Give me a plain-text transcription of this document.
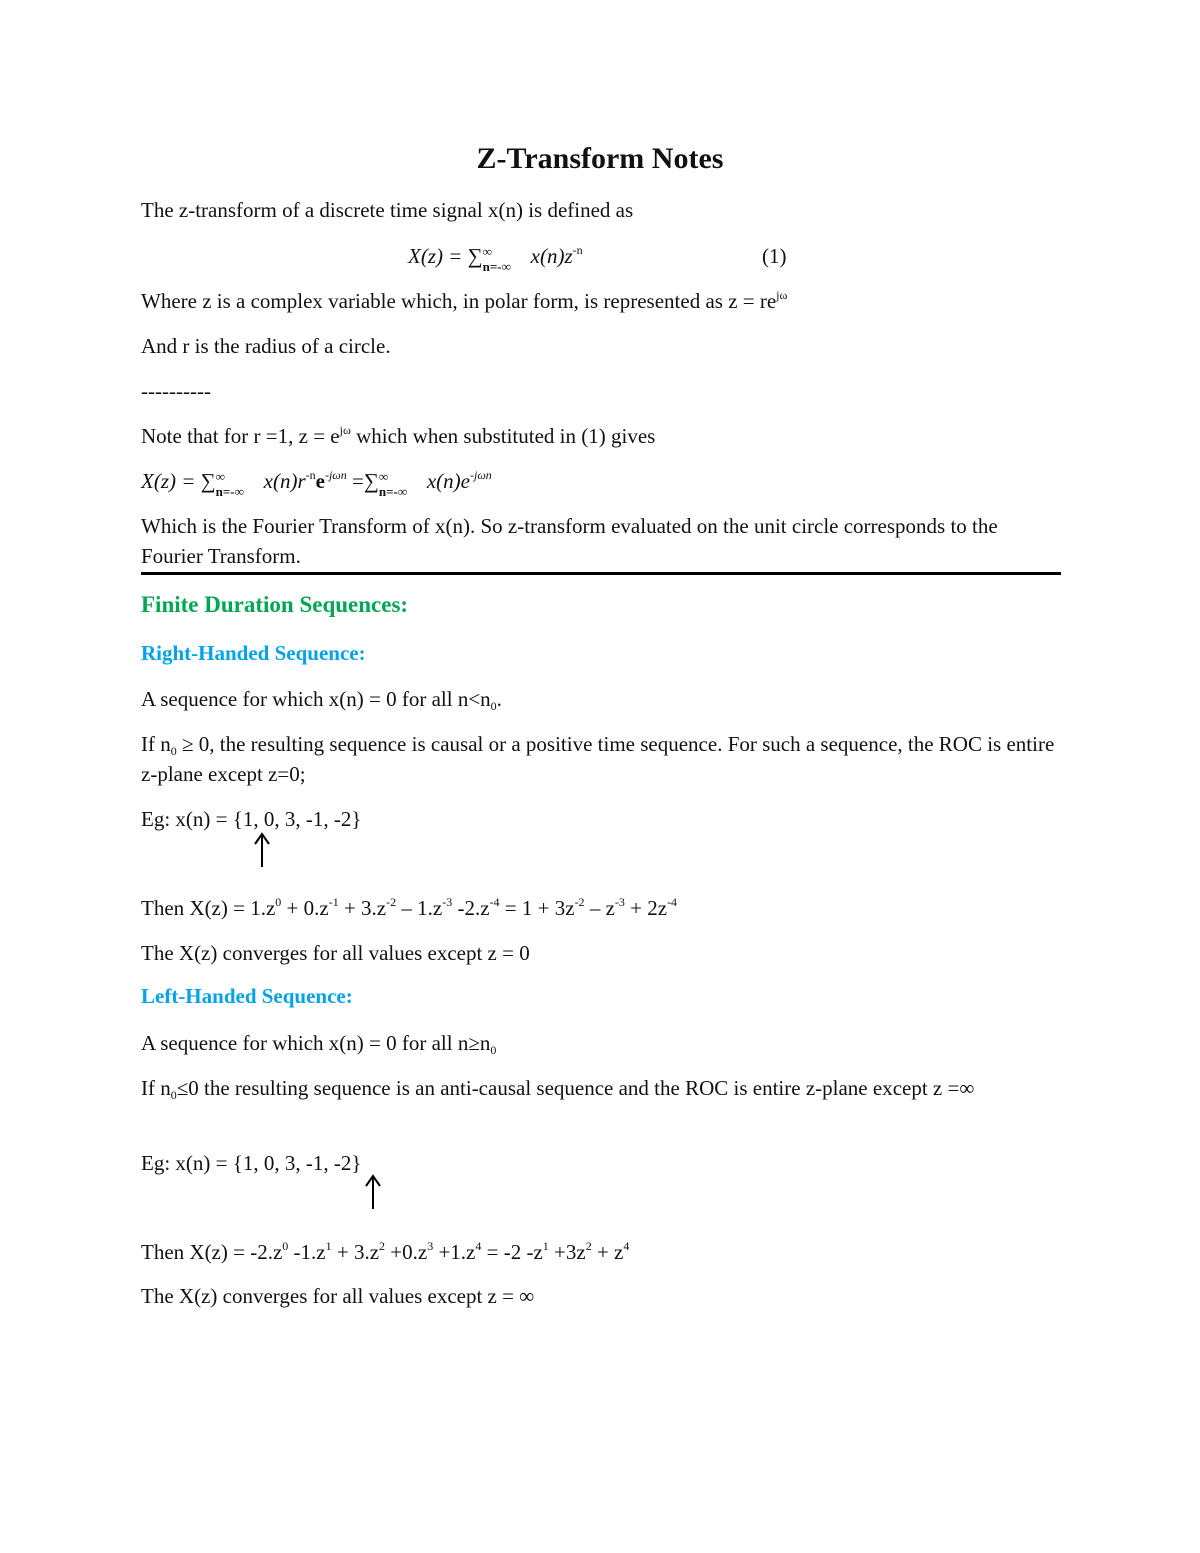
Z-Transform Notes
The z-transform of a discrete time signal x(n) is defined as
X(z) = ∑ ∞
n=-∞ $x(n)z^{-n}$	(1)
Where z is a complex variable which, in polar form, is represented as $z = re^{j\omega}$
And r is the radius of a circle.
----------
Note that for r =1, $z = e^{j\omega}$ which when substituted in (1) gives
X(z) = ∑ ∞
n=-∞ $x(n)r^{-n}e^{-j\omega n}$ =∑ ∞
n=-∞ $x(n)e^{-j\omega n}$
Which is the Fourier Transform of x(n). So z-transform evaluated on the unit circle corresponds to the Fourier Transform.
Finite Duration Sequences:
Right-Handed Sequence:
A sequence for which x(n) = 0 for all $n<n_0$.
If $n_0 \ge 0$, the resulting sequence is causal or a positive time sequence. For such a sequence, the ROC is entire z-plane except z=0;
Eg: x(n) = {1, 0, 3, -1, -2}
Then $X(z) = 1.z^0 + 0.z^{-1} + 3.z^{-2} - 1.z^{-3}$ $-2.z^{-4} = 1 + 3z^{-2} - z^{-3} + 2z^{-4}$
The X(z) converges for all values except z = 0
Left-Handed Sequence:
A sequence for which x(n) = 0 for all $n\ge n_0$
If $n_0\le 0$ the resulting sequence is an anti-causal sequence and the ROC is entire z-plane except z =∞
Eg: x(n) = {1, 0, 3, -1, -2}
Then $X(z) = -2.z^0$ $-1.z^1 + 3.z^2 +0.z^3 +1.z^4 = -2$ $-z^1 +3z^2 + z^4$
The X(z) converges for all values except z = ∞
